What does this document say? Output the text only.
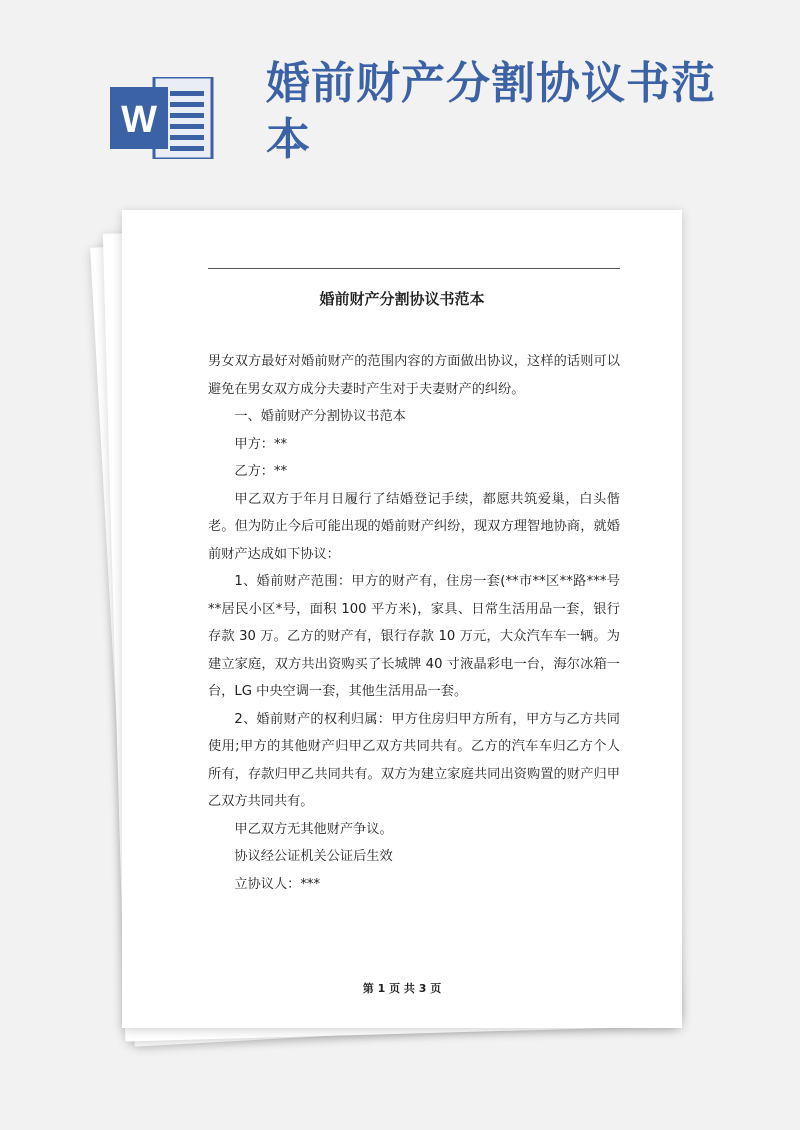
W
婚前财产分割协议书范本
婚前财产分割协议书范本

男女双方最好对婚前财产的范围内容的方面做出协议，这样的话则可以避免在男女双方成分夫妻时产生对于夫妻财产的纠纷。

一、婚前财产分割协议书范本

甲方：**

乙方：**

甲乙双方于年月日履行了结婚登记手续，都愿共筑爱巢，白头偕老。但为防止今后可能出现的婚前财产纠纷，现双方理智地协商，就婚前财产达成如下协议：

1、婚前财产范围：甲方的财产有，住房一套(**市**区**路***号**居民小区*号，面积 100 平方米)，家具、日常生活用品一套，银行存款 30 万。乙方的财产有，银行存款 10 万元，大众汽车车一辆。为建立家庭，双方共出资购买了长城牌 40 寸液晶彩电一台，海尔冰箱一台，LG 中央空调一套，其他生活用品一套。

2、婚前财产的权利归属：甲方住房归甲方所有，甲方与乙方共同使用;甲方的其他财产归甲乙双方共同共有。乙方的汽车车归乙方个人所有，存款归甲乙共同共有。双方为建立家庭共同出资购置的财产归甲乙双方共同共有。

甲乙双方无其他财产争议。

协议经公证机关公证后生效

立协议人：***

第 1 页 共 3 页
